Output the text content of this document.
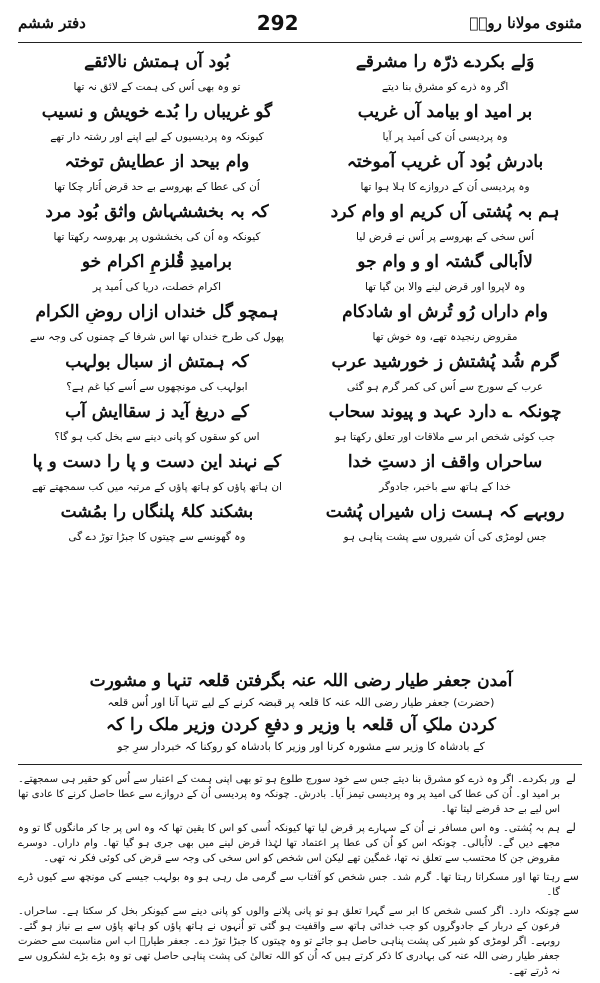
مثنوی مولانا رومؒ
292
دفتر ششم
وَلے بکردے ذرّہ را مشرقے
بُود آں ہمتش نالائقے
اگر وہ ذرے کو مشرق بنا دیتے
تو وہ بھی اُس کی ہمت کے لائق نہ تھا
بر امید او بیامد آں غریب
گو غریباں را بُدے خویش و نسیب
وہ پردیسی اُن کی اُمید پر آیا
کیونکہ وہ پردیسیوں کے لیے اپنے اور رشتہ دار تھے
بادرش بُود آں غریب آموختہ
وام بیحد از عطایش توختہ
وہ پردیسی اُن کے دروازے کا ہلا ہوا تھا
اُن کی عطا کے بھروسے بے حد قرض اُتار چکا تھا
ہم بہ پُشتی آں کریم او وام کرد
کہ بہ بخششہاش واثق بُود مرد
اُس سخی کے بھروسے پر اُس نے قرض لیا
کیونکہ وہ اُن کی بخششوں پر بھروسہ رکھتا تھا
لااُبالی گشتہ او و وام جو
برامیدِ قُلزمِ اکرام خو
وہ لاپروا اور قرض لینے والا بن گیا تھا
اکرام خصلت، دریا کی اُمید پر
وام داراں رُو تُرش او شادکام
ہمچو گل خنداں ازاں روضِ الکرام
مقروض رنجیدہ تھے، وہ خوش تھا
پھول کی طرح خنداں تھا اس شرفا کے چمنوں کی وجہ سے
گرم شُد پُشتش ز خورشید عرب
کہ ہمتش از سبال بولہب
عرب کے سورج سے اُس کی کمر گرم ہو گئی
ابولہب کی مونچھوں سے اُسے کیا غم ہے؟
چونکہ ؎ دارد عہد و پیوند سحاب
کے دریغ آید ز سقاایش آب
جب کوئی شخص ابر سے ملاقات اور تعلق رکھتا ہو
اس کو سقوں کو پانی دینے سے بخل کب ہو گا؟
ساحراں واقف از دستِ خدا
کے نہند این دست و پا را دست و پا
خدا کے ہاتھ سے باخبر، جادوگر
ان ہاتھ پاؤں کو ہاتھ پاؤں کے مرتبہ میں کب سمجھتے تھے
روبہے کہ ہست زاں شیراں پُشت
بشکند کلۂ پلنگاں را بمُشت
جس لومڑی کی اُن شیروں سے پشت پناہی ہو
وہ گھونسے سے چیتوں کا جبڑا توڑ دے گی
آمدن جعفر طیار رضی اللہ عنہ بگرفتن قلعہ تنہا و مشورت
(حضرت) جعفر طیار رضی اللہ عنہ کا قلعہ پر قبضہ کرنے کے لیے تنہا آنا اور اُس قلعہ
کردن ملکِ آں قلعہ با وزیر و دفعِ کردن وزیر ملک را کہ
کے بادشاہ کا وزیر سے مشورہ کرنا اور وزیر کا بادشاہ کو روکنا کہ خبردار سرِ جو
لے
ور بکردے۔ اگر وہ ذرے کو مشرق بنا دیتے جس سے خود سورج طلوع ہو تو بھی اپنی ہمت کے اعتبار سے اُس کو حقیر ہی سمجھتے۔ بر امید او۔ اُن کی عطا کی امید پر وہ پردیسی تیمز آیا۔ بادرش۔ چونکہ وہ پردیسی اُن کے دروازے سے عطا حاصل کرنے کا عادی تھا اس لیے بے حد قرضے لیتا تھا۔
لے
ہم بہ پُشتی۔ وہ اس مسافر نے اُن کے سہارے پر قرض لیا تھا کیونکہ اُسی کو اس کا یقین تھا کہ وہ اس پر جا کر مانگوں گا تو وہ مجھے دیں گے۔ لااُبالی۔ چونکہ اس کو اُن کی عطا پر اعتماد تھا لہٰذا قرض لینے میں بھی جری ہو گیا تھا۔ وام داراں۔ دوسرے مقروض جن کا محتسب سے تعلق نہ تھا، غمگین تھے لیکن اس شخص کو اس سخی کی وجہ سے قرض کی کوئی فکر نہ تھی۔
سے
رہتا تھا اور مسکراتا رہتا تھا۔ گرم شد۔ جس شخص کو آفتاب سے گرمی مل رہی ہو وہ بولہب جیسے کی مونچھ سے کیوں ڈرے گا۔
سے
چونکہ دارد۔ اگر کسی شخص کا ابر سے گہرا تعلق ہو تو پانی پلانے والوں کو پانی دینے سے کیونکر بخل کر سکتا ہے۔ ساحراں۔ فرعون کے دربار کے جادوگروں کو جب خدائی ہاتھ سے واقفیت ہو گئی تو اُنہوں نے ہاتھ پاؤں کو ہاتھ پاؤں سے بے نیاز ہو گئے۔ روبہے۔ اگر لومڑی کو شیر کی پشت پناہی حاصل ہو جائے تو وہ چیتوں کا جبڑا توڑ دے۔ جعفر طیارؓ اب اس مناسبت سے حضرت جعفر طیار رضی اللہ عنہ کی بہادری کا ذکر کرتے ہیں کہ اُن کو اللہ تعالیٰ کی پشت پناہی حاصل تھی تو وہ بڑے بڑے لشکروں سے نہ ڈرتے تھے۔
